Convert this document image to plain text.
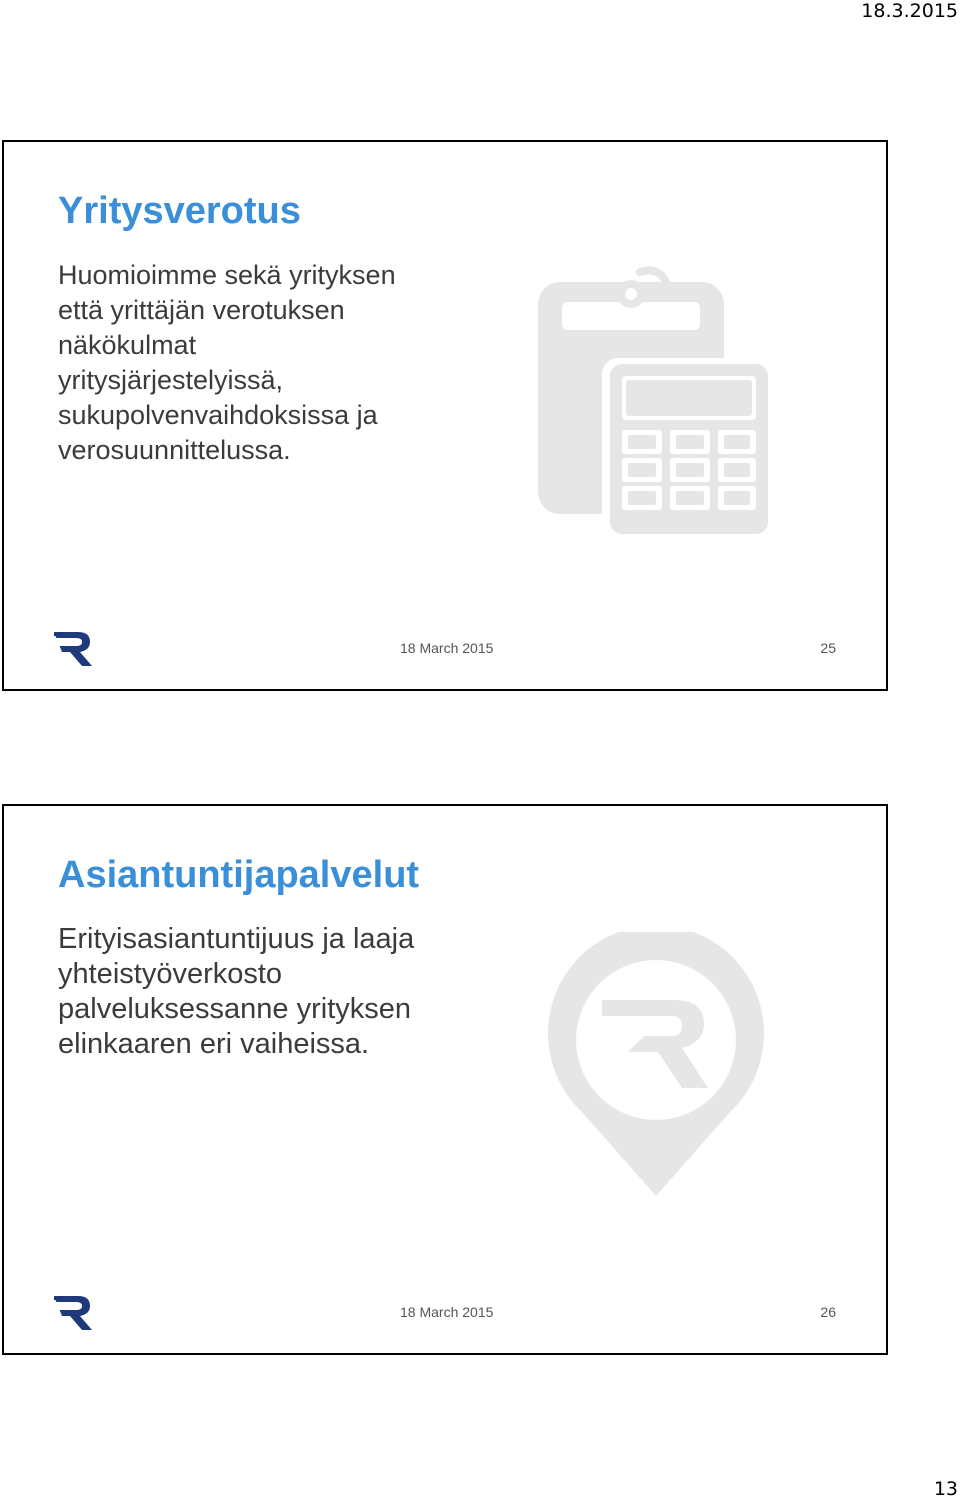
18.3.2015
Yritysverotus

Huomioimme sekä yrityksen
että yrittäjän verotuksen
näkökulmat
yritysjärjestelyissä,
sukupolvenvaihdoksissa ja
verosuunnittelussa.

18 March 2015	25
Asiantuntijapalvelut

Erityisasiantuntijuus ja laaja
yhteistyöverkosto
palveluksessanne yrityksen
elinkaaren eri vaiheissa.

18 March 2015	26
13
